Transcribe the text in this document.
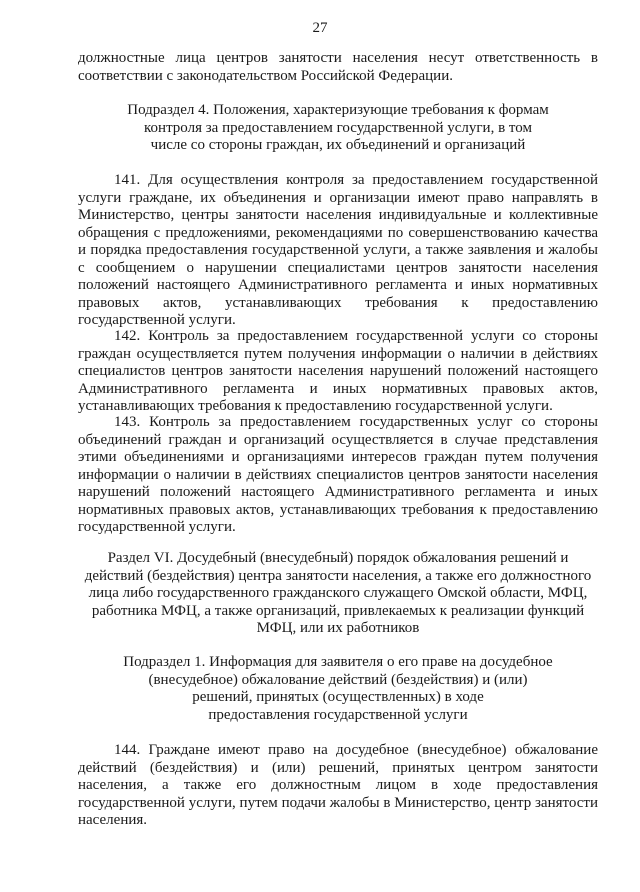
27
должностные лица центров занятости населения несут ответственность в соответствии с законодательством Российской Федерации.
Подраздел 4. Положения, характеризующие требования к формам
контроля за предоставлением государственной услуги, в том
числе со стороны граждан, их объединений и организаций
141. Для осуществления контроля за предоставлением государственной услуги граждане, их объединения и организации имеют право направлять в Министерство, центры занятости населения индивидуальные и коллективные обращения с предложениями, рекомендациями по совершенствованию качества и порядка предоставления государственной услуги, а также заявления и жалобы с сообщением о нарушении специалистами центров занятости населения положений настоящего Административного регламента и иных нормативных правовых актов, устанавливающих требования к предоставлению государственной услуги.
142. Контроль за предоставлением государственной услуги со стороны граждан осуществляется путем получения информации о наличии в действиях специалистов центров занятости населения нарушений положений настоящего Административного регламента и иных нормативных правовых актов, устанавливающих требования к предоставлению государственной услуги.
143. Контроль за предоставлением государственных услуг со стороны объединений граждан и организаций осуществляется в случае представления этими объединениями и организациями интересов граждан путем получения информации о наличии в действиях специалистов центров занятости населения нарушений положений настоящего Административного регламента и иных нормативных правовых актов, устанавливающих требования к предоставлению государственной услуги.
Раздел VI. Досудебный (внесудебный) порядок обжалования решений и
действий (бездействия) центра занятости населения, а также его должностного
лица либо государственного гражданского служащего Омской области, МФЦ,
работника МФЦ, а также организаций, привлекаемых к реализации функций
МФЦ, или их работников
Подраздел 1. Информация для заявителя о его праве на досудебное
(внесудебное) обжалование действий (бездействия) и (или)
решений, принятых (осуществленных) в ходе
предоставления государственной услуги
144. Граждане имеют право на досудебное (внесудебное) обжалование действий (бездействия) и (или) решений, принятых центром занятости населения, а также его должностным лицом в ходе предоставления государственной услуги, путем подачи жалобы в Министерство, центр занятости населения.
